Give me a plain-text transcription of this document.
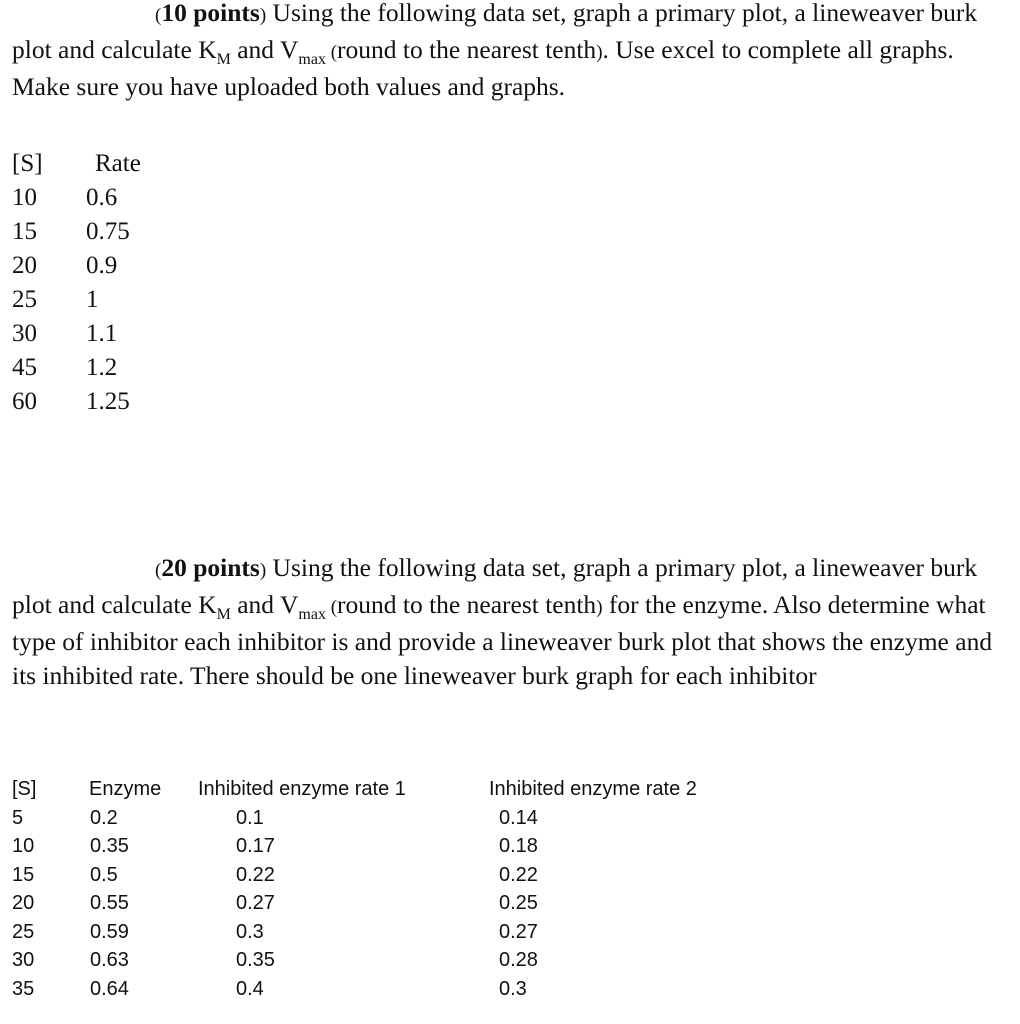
(10 points) Using the following data set, graph a primary plot, a lineweaver burk plot and calculate $K_M$ and $V_{max}$ (round to the nearest tenth). Use excel to complete all graphs. Make sure you have uploaded both values and graphs.

[S]
10
15
20
25
30
45
60
Rate
0.6
0.75
0.9
1
1.1
1.2
1.25

(20 points) Using the following data set, graph a primary plot, a lineweaver burk plot and calculate $K_M$ and $V_{max}$ (round to the nearest tenth) for the enzyme. Also determine what type of inhibitor each inhibitor is and provide a lineweaver burk plot that shows the enzyme and its inhibited rate. There should be one lineweaver burk graph for each inhibitor

[S]
5
10
15
20
25
30
35
Enzyme
0.2
0.35
0.5
0.55
0.59
0.63
0.64
Inhibited enzyme rate 1
0.1
0.17
0.22
0.27
0.3
0.35
0.4
Inhibited enzyme rate 2
0.14
0.18
0.22
0.25
0.27
0.28
0.3
